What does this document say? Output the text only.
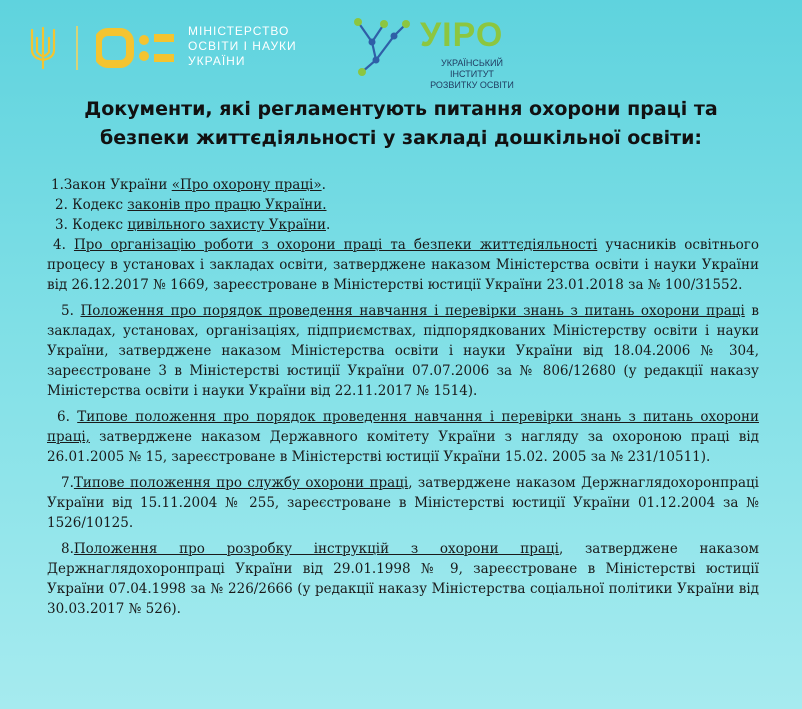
МІНІСТЕРСТВО
ОСВІТИ І НАУКИ
УКРАЇНИ
УІРО
УКРАЇНСЬКИЙ ІНСТИТУТ
РОЗВИТКУ ОСВІТИ
Документи, які регламентують питання охорони праці та
безпеки життєдіяльності у закладі дошкільної освіти:
1.Закон України «Про охорону праці».
2. Кодекс законів про працю України.
3. Кодекс цивільного захисту України.
4. Про організацію роботи з охорони праці та безпеки життєдіяльності учасників освітнього процесу в установах і закладах освіти, затверджене наказом Міністерства освіти і науки України від 26.12.2017 № 1669, зареєстроване в Міністерстві юстиції України 23.01.2018 за № 100/31552.
5. Положення про порядок проведення навчання і перевірки знань з питань охорони праці в закладах, установах, організаціях, підприємствах, підпорядкованих Міністерству освіти і науки України, затверджене наказом Міністерства освіти і науки України від 18.04.2006 № 304, зареєстроване 3 в Міністерстві юстиції України 07.07.2006 за № 806/12680 (у редакції наказу Міністерства освіти і науки України від 22.11.2017 № 1514).
6. Типове положення про порядок проведення навчання і перевірки знань з питань охорони праці, затверджене наказом Державного комітету України з нагляду за охороною праці від 26.01.2005 № 15, зареєстроване в Міністерстві юстиції України 15.02. 2005 за № 231/10511).
7.Типове положення про службу охорони праці, затверджене наказом Держнаглядохоронпраці України від 15.11.2004 № 255, зареєстроване в Міністерстві юстиції України 01.12.2004 за № 1526/10125.
8.Положення про розробку інструкцій з охорони праці, затверджене наказом Держнаглядохоронпраці України від 29.01.1998 № 9, зареєстроване в Міністерстві юстиції України 07.04.1998 за № 226/2666 (у редакції наказу Міністерства соціальної політики України від 30.03.2017 № 526).
